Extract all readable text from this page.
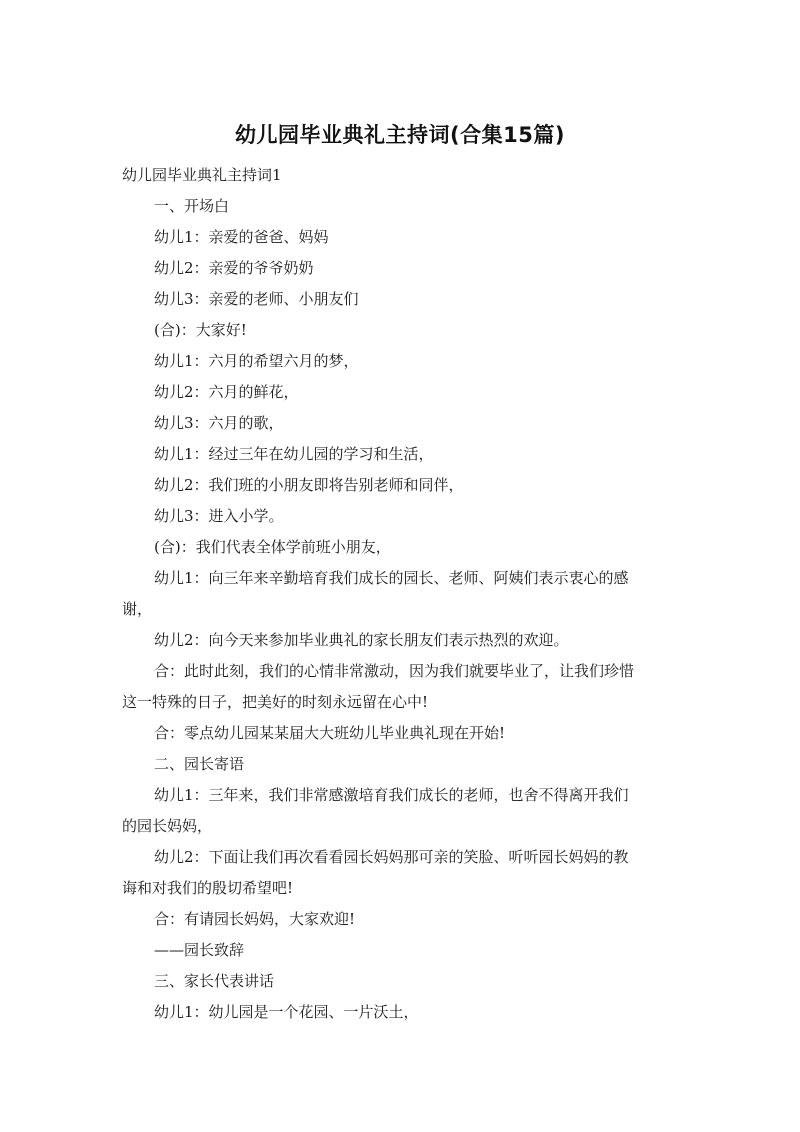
幼儿园毕业典礼主持词(合集15篇)
幼儿园毕业典礼主持词1
一、开场白
幼儿1：亲爱的爸爸、妈妈
幼儿2：亲爱的爷爷奶奶
幼儿3：亲爱的老师、小朋友们
(合)：大家好!
幼儿1：六月的希望六月的梦，
幼儿2：六月的鲜花，
幼儿3：六月的歌，
幼儿1：经过三年在幼儿园的学习和生活，
幼儿2：我们班的小朋友即将告别老师和同伴，
幼儿3：进入小学。
(合)：我们代表全体学前班小朋友，
幼儿1：向三年来辛勤培育我们成长的园长、老师、阿姨们表示衷心的感
谢，
幼儿2：向今天来参加毕业典礼的家长朋友们表示热烈的欢迎。
合：此时此刻，我们的心情非常激动，因为我们就要毕业了，让我们珍惜
这一特殊的日子，把美好的时刻永远留在心中!
合：零点幼儿园某某届大大班幼儿毕业典礼现在开始!
二、园长寄语
幼儿1：三年来，我们非常感激培育我们成长的老师，也舍不得离开我们
的园长妈妈，
幼儿2：下面让我们再次看看园长妈妈那可亲的笑脸、听听园长妈妈的教
诲和对我们的殷切希望吧!
合：有请园长妈妈，大家欢迎!
——园长致辞
三、家长代表讲话
幼儿1：幼儿园是一个花园、一片沃土，
